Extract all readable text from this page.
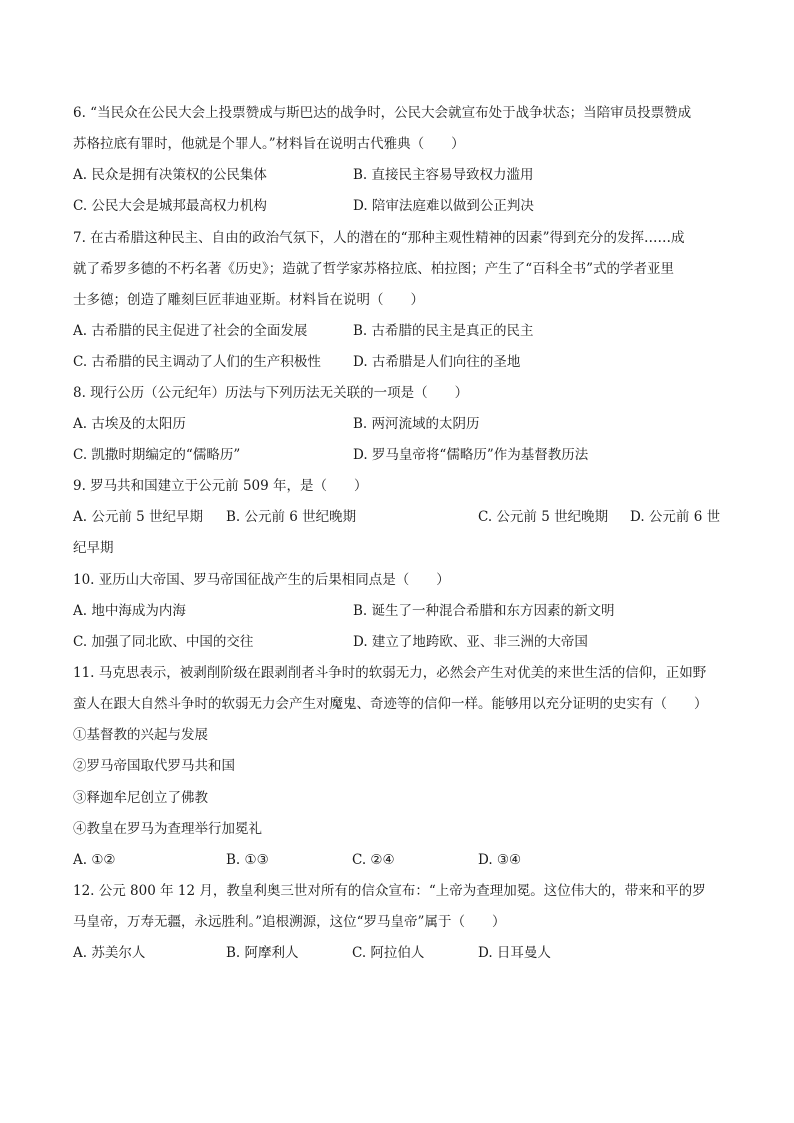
6. “当民众在公民大会上投票赞成与斯巴达的战争时，公民大会就宣布处于战争状态；当陪审员投票赞成
苏格拉底有罪时，他就是个罪人。”材料旨在说明古代雅典（　　）
A. 民众是拥有决策权的公民集体	B. 直接民主容易导致权力滥用
C. 公民大会是城邦最高权力机构	D. 陪审法庭难以做到公正判决
7. 在古希腊这种民主、自由的政治气氛下，人的潜在的“那种主观性精神的因素”得到充分的发挥……成
就了希罗多德的不朽名著《历史》；造就了哲学家苏格拉底、柏拉图；产生了“百科全书”式的学者亚里
士多德；创造了雕刻巨匠菲迪亚斯。材料旨在说明（　　）
A. 古希腊的民主促进了社会的全面发展	B. 古希腊的民主是真正的民主
C. 古希腊的民主调动了人们的生产积极性 D. 古希腊是人们向往的圣地
8. 现行公历（公元纪年）历法与下列历法无关联的一项是（　　）
A. 古埃及的太阳历	B. 两河流域的太阴历
C. 凯撒时期编定的“儒略历”	D. 罗马皇帝将“儒略历”作为基督教历法
9. 罗马共和国建立于公元前 509 年，是（　　）
A. 公元前 5 世纪早期 B. 公元前 6 世纪晚期	C. 公元前 5 世纪晚期 D. 公元前 6 世
纪早期
10. 亚历山大帝国、罗马帝国征战产生的后果相同点是（　　）
A. 地中海成为内海	B. 诞生了一种混合希腊和东方因素的新文明
C. 加强了同北欧、中国的交往	D. 建立了地跨欧、亚、非三洲的大帝国
11. 马克思表示，被剥削阶级在跟剥削者斗争时的软弱无力，必然会产生对优美的来世生活的信仰，正如野
蛮人在跟大自然斗争时的软弱无力会产生对魔鬼、奇迹等的信仰一样。能够用以充分证明的史实有（　　）
①基督教的兴起与发展
②罗马帝国取代罗马共和国
③释迦牟尼创立了佛教
④教皇在罗马为查理举行加冕礼
A. ①②	B. ①③	C. ②④	D. ③④
12. 公元 800 年 12 月，教皇利奥三世对所有的信众宣布：“上帝为查理加冕。这位伟大的，带来和平的罗
马皇帝，万寿无疆，永远胜利。”追根溯源，这位“罗马皇帝”属于（　　）
A. 苏美尔人	B. 阿摩利人	C. 阿拉伯人	D. 日耳曼人
